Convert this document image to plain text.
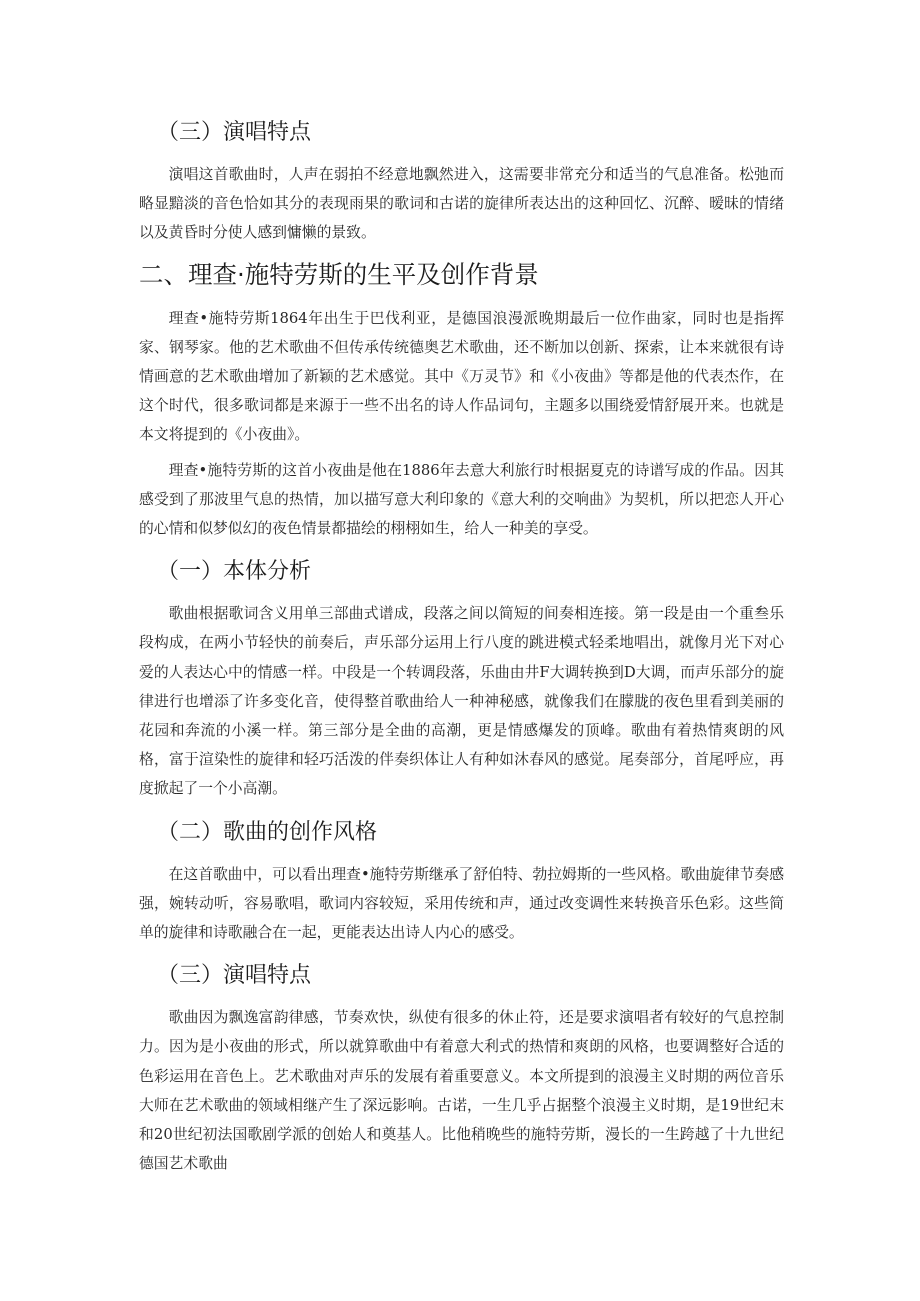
（三）演唱特点

演唱这首歌曲时，人声在弱拍不经意地飘然进入，这需要非常充分和适当的气息准备。松弛而略显黯淡的音色恰如其分的表现雨果的歌词和古诺的旋律所表达出的这种回忆、沉醉、暧昧的情绪以及黄昏时分使人感到慵懒的景致。

二、理查·施特劳斯的生平及创作背景

理查•施特劳斯1864年出生于巴伐利亚，是德国浪漫派晚期最后一位作曲家，同时也是指挥家、钢琴家。他的艺术歌曲不但传承传统德奥艺术歌曲，还不断加以创新、探索，让本来就很有诗情画意的艺术歌曲增加了新颖的艺术感觉。其中《万灵节》和《小夜曲》等都是他的代表杰作，在这个时代，很多歌词都是来源于一些不出名的诗人作品词句，主题多以围绕爱情舒展开来。也就是本文将提到的《小夜曲》。

理查•施特劳斯的这首小夜曲是他在1886年去意大利旅行时根据夏克的诗谱写成的作品。因其感受到了那波里气息的热情，加以描写意大利印象的《意大利的交响曲》为契机，所以把恋人开心的心情和似梦似幻的夜色情景都描绘的栩栩如生，给人一种美的享受。

（一）本体分析

歌曲根据歌词含义用单三部曲式谱成，段落之间以简短的间奏相连接。第一段是由一个重叁乐段构成，在两小节轻快的前奏后，声乐部分运用上行八度的跳进模式轻柔地唱出，就像月光下对心爱的人表达心中的情感一样。中段是一个转调段落，乐曲由井F大调转换到D大调，而声乐部分的旋律进行也增添了许多变化音，使得整首歌曲给人一种神秘感，就像我们在朦胧的夜色里看到美丽的花园和奔流的小溪一样。第三部分是全曲的高潮，更是情感爆发的顶峰。歌曲有着热情爽朗的风格，富于渲染性的旋律和轻巧活泼的伴奏织体让人有种如沐春风的感觉。尾奏部分，首尾呼应，再度掀起了一个小高潮。

（二）歌曲的创作风格

在这首歌曲中，可以看出理查•施特劳斯继承了舒伯特、勃拉姆斯的一些风格。歌曲旋律节奏感强，婉转动听，容易歌唱，歌词内容较短，采用传统和声，通过改变调性来转换音乐色彩。这些简单的旋律和诗歌融合在一起，更能表达出诗人内心的感受。

（三）演唱特点

歌曲因为飘逸富韵律感，节奏欢快，纵使有很多的休止符，还是要求演唱者有较好的气息控制力。因为是小夜曲的形式，所以就算歌曲中有着意大利式的热情和爽朗的风格，也要调整好合适的色彩运用在音色上。艺术歌曲对声乐的发展有着重要意义。本文所提到的浪漫主义时期的两位音乐大师在艺术歌曲的领域相继产生了深远影响。古诺，一生几乎占据整个浪漫主义时期，是19世纪末和20世纪初法国歌剧学派的创始人和奠基人。比他稍晚些的施特劳斯，漫长的一生跨越了十九世纪德国艺术歌曲
